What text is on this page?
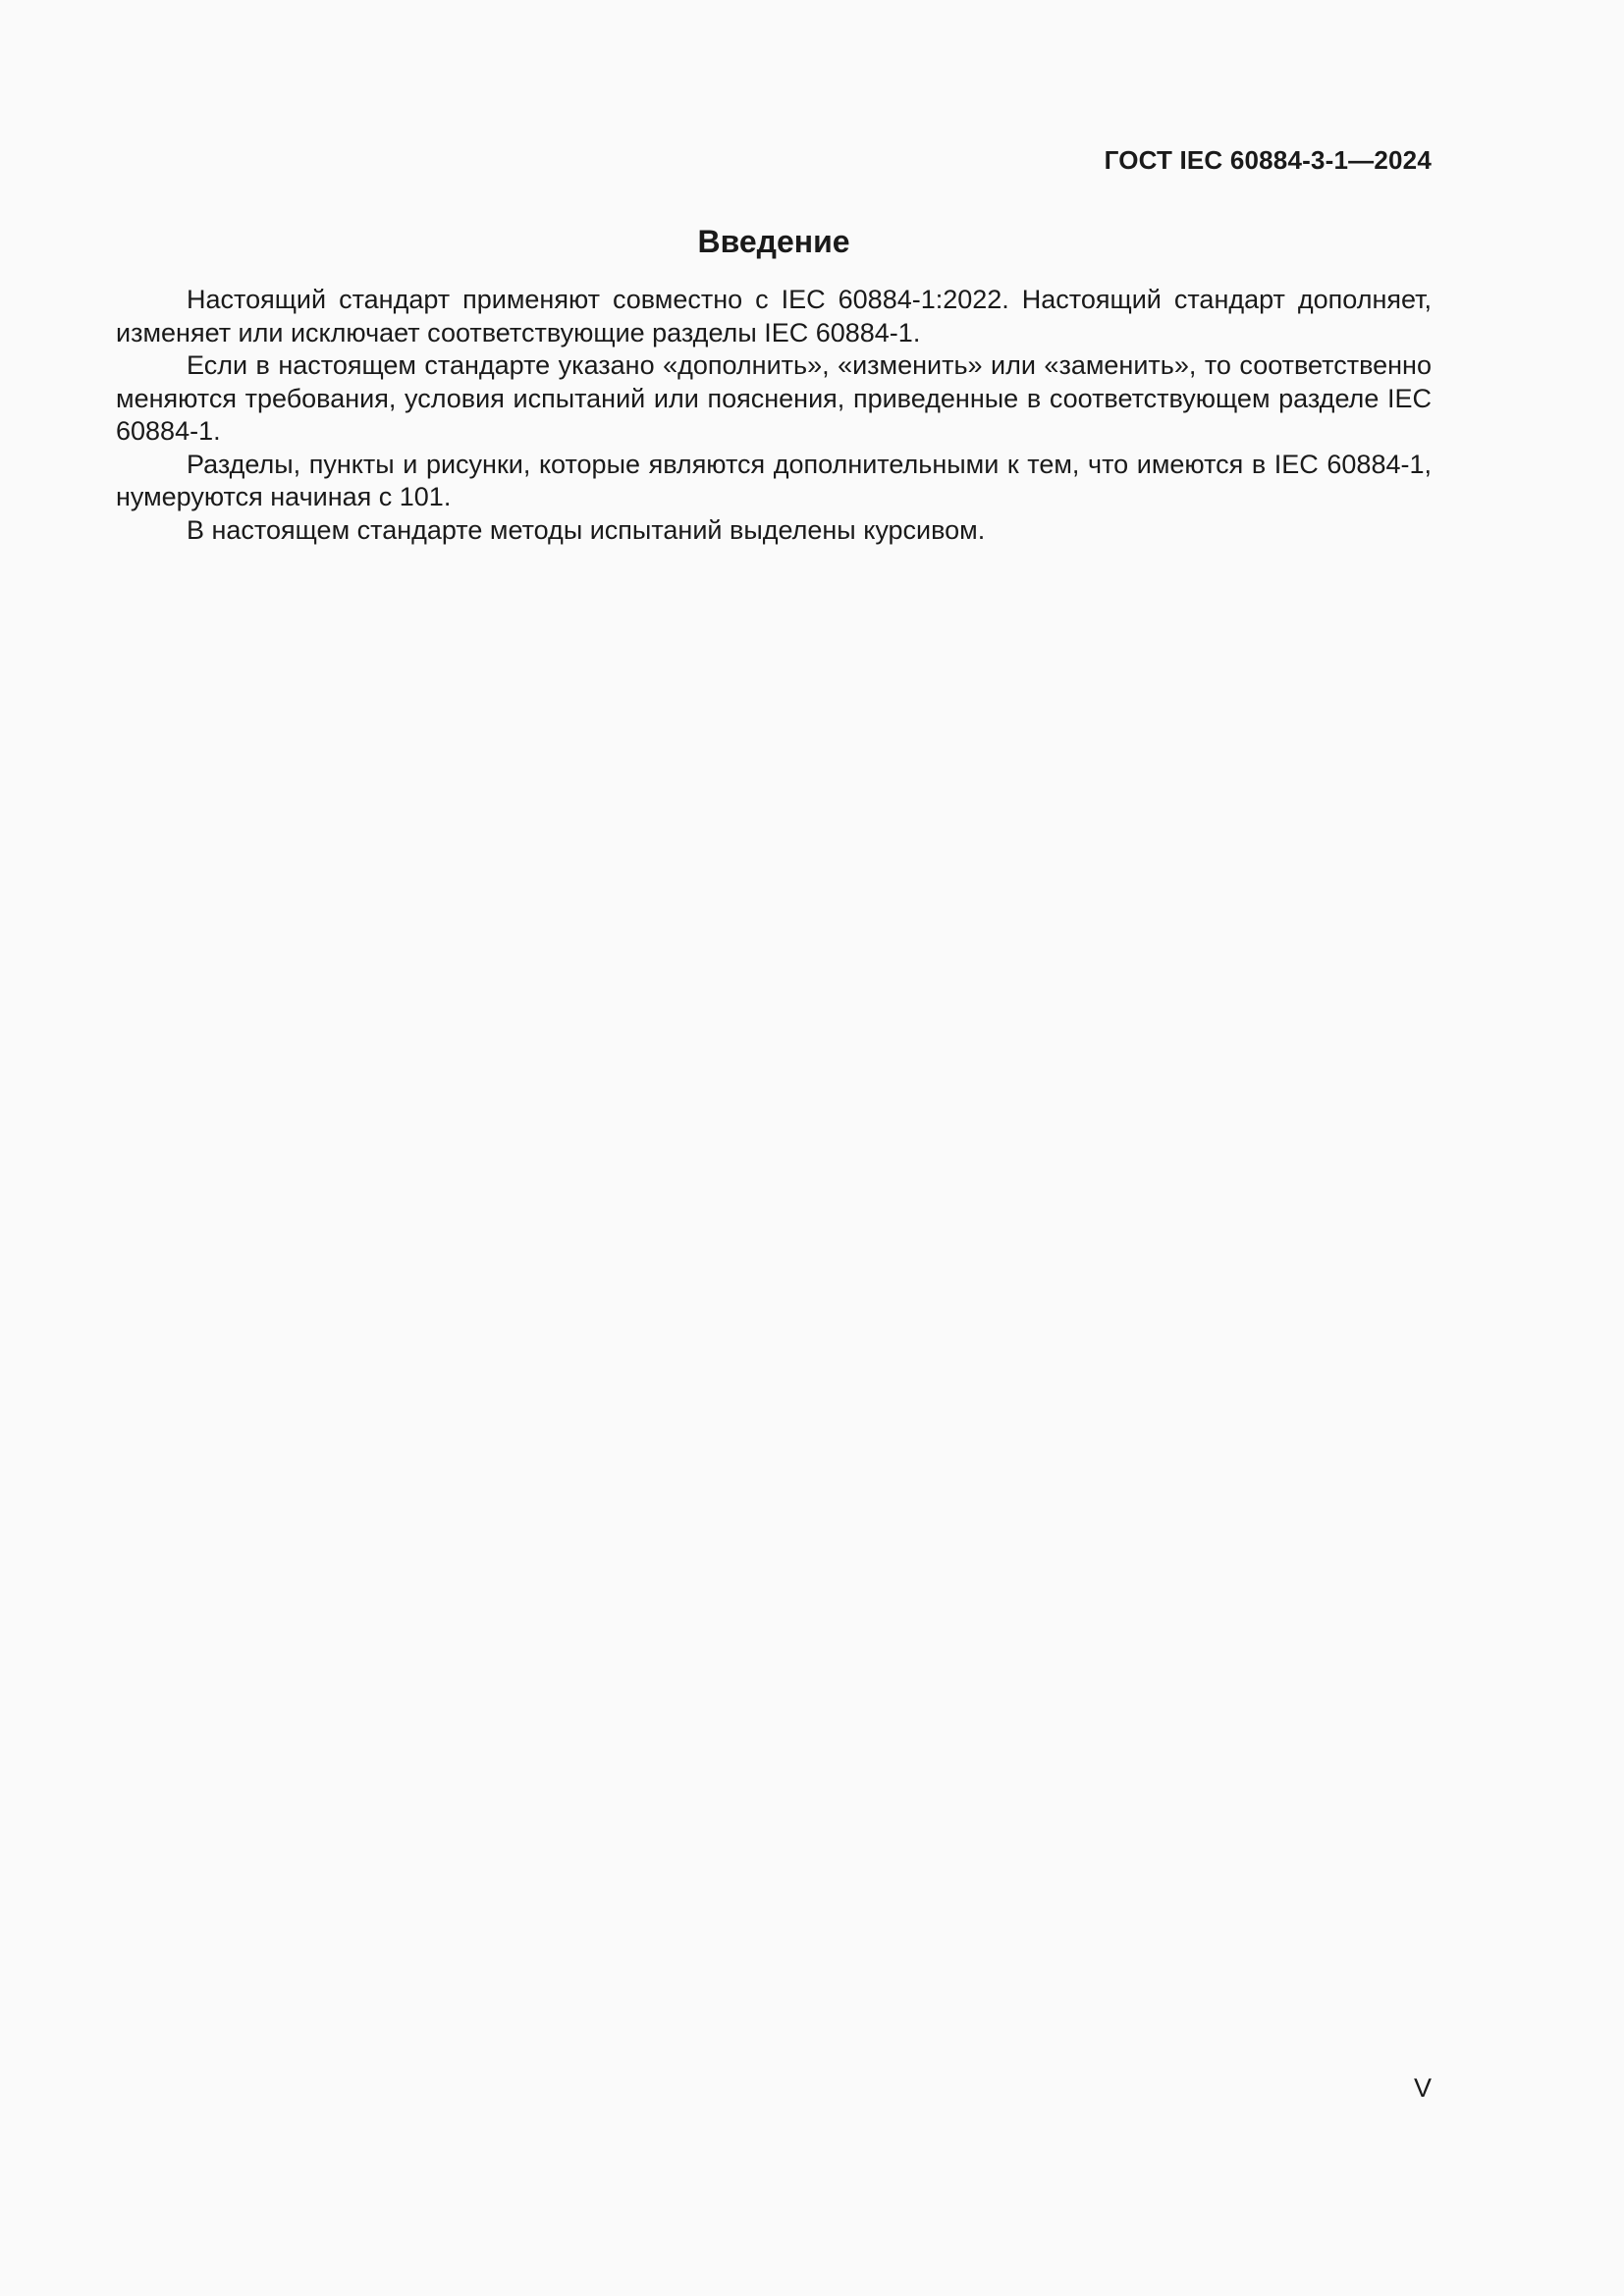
ГОСТ IEC 60884-3-1—2024
Введение

Настоящий стандарт применяют совместно с IEC 60884-1:2022. Настоящий стандарт дополняет, изменяет или исключает соответствующие разделы IEC 60884-1.

Если в настоящем стандарте указано «дополнить», «изменить» или «заменить», то соответственно меняются требования, условия испытаний или пояснения, приведенные в соответствующем разделе IEC 60884-1.

Разделы, пункты и рисунки, которые являются дополнительными к тем, что имеются в IEC 60884-1, нумеруются начиная с 101.

В настоящем стандарте методы испытаний выделены курсивом.

V
